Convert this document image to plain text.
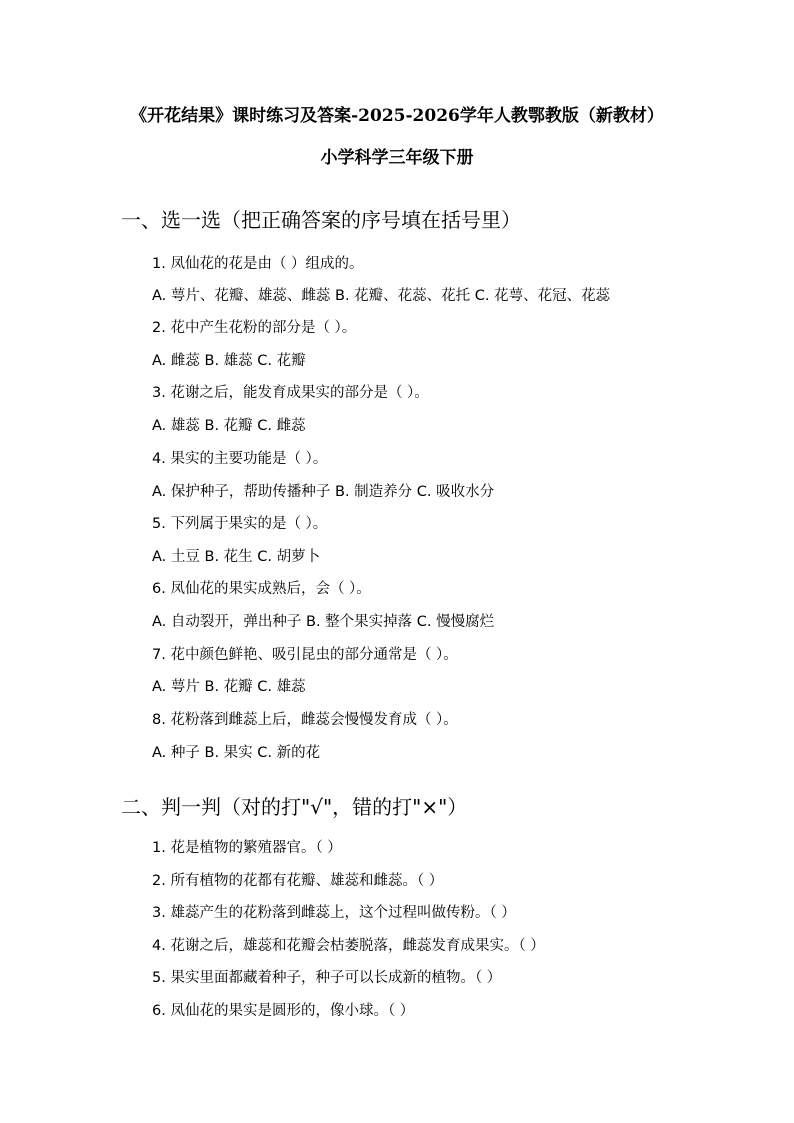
《开花结果》课时练习及答案-2025-2026学年人教鄂教版（新教材）
小学科学三年级下册
一、选一选（把正确答案的序号填在括号里）
1. 凤仙花的花是由（ ）组成的。
A. 萼片、花瓣、雄蕊、雌蕊 B. 花瓣、花蕊、花托 C. 花萼、花冠、花蕊
2. 花中产生花粉的部分是（ ）。
A. 雌蕊 B. 雄蕊 C. 花瓣
3. 花谢之后，能发育成果实的部分是（ ）。
A. 雄蕊 B. 花瓣 C. 雌蕊
4. 果实的主要功能是（ ）。
A. 保护种子，帮助传播种子 B. 制造养分 C. 吸收水分
5. 下列属于果实的是（ ）。
A. 土豆 B. 花生 C. 胡萝卜
6. 凤仙花的果实成熟后，会（ ）。
A. 自动裂开，弹出种子 B. 整个果实掉落 C. 慢慢腐烂
7. 花中颜色鲜艳、吸引昆虫的部分通常是（ ）。
A. 萼片 B. 花瓣 C. 雄蕊
8. 花粉落到雌蕊上后，雌蕊会慢慢发育成（ ）。
A. 种子 B. 果实 C. 新的花
二、判一判（对的打"√"，错的打"×"）
1. 花是植物的繁殖器官。（ ）
2. 所有植物的花都有花瓣、雄蕊和雌蕊。（ ）
3. 雄蕊产生的花粉落到雌蕊上，这个过程叫做传粉。（ ）
4. 花谢之后，雄蕊和花瓣会枯萎脱落，雌蕊发育成果实。（ ）
5. 果实里面都藏着种子，种子可以长成新的植物。（ ）
6. 凤仙花的果实是圆形的，像小球。（ ）
